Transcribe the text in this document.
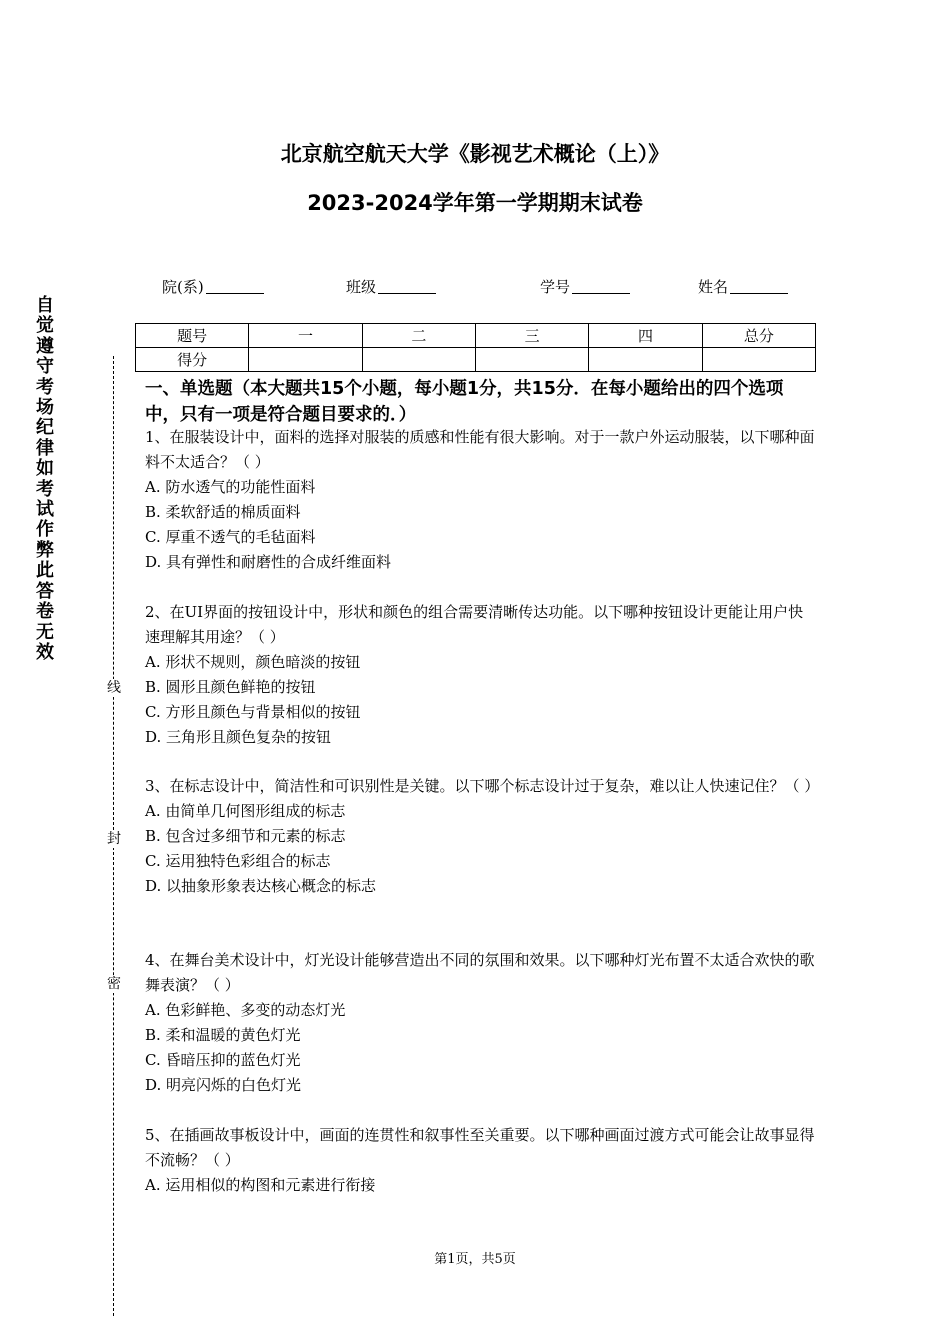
北京航空航天大学《影视艺术概论（上）》
2023-2024学年第一学期期末试卷
院(系)	班级	学号	姓名
题号	一	二	三	四	总分
得分					
自觉遵守考场纪律如考试作弊此答卷无效
线
封
密
一、单选题（本大题共15个小题，每小题1分，共15分．在每小题给出的四个选项中，只有一项是符合题目要求的．）

1、在服装设计中，面料的选择对服装的质感和性能有很大影响。对于一款户外运动服装，以下哪种面料不太适合？（ ）

A. 防水透气的功能性面料
B. 柔软舒适的棉质面料
C. 厚重不透气的毛毡面料
D. 具有弹性和耐磨性的合成纤维面料

2、在UI界面的按钮设计中，形状和颜色的组合需要清晰传达功能。以下哪种按钮设计更能让用户快速理解其用途？（ ）

A. 形状不规则，颜色暗淡的按钮
B. 圆形且颜色鲜艳的按钮
C. 方形且颜色与背景相似的按钮
D. 三角形且颜色复杂的按钮

3、在标志设计中，简洁性和可识别性是关键。以下哪个标志设计过于复杂，难以让人快速记住？（ ）

A. 由简单几何图形组成的标志
B. 包含过多细节和元素的标志
C. 运用独特色彩组合的标志
D. 以抽象形象表达核心概念的标志

4、在舞台美术设计中，灯光设计能够营造出不同的氛围和效果。以下哪种灯光布置不太适合欢快的歌舞表演？（ ）

A. 色彩鲜艳、多变的动态灯光
B. 柔和温暖的黄色灯光
C. 昏暗压抑的蓝色灯光
D. 明亮闪烁的白色灯光

5、在插画故事板设计中，画面的连贯性和叙事性至关重要。以下哪种画面过渡方式可能会让故事显得不流畅？（ ）

A. 运用相似的构图和元素进行衔接
第1页，共5页
